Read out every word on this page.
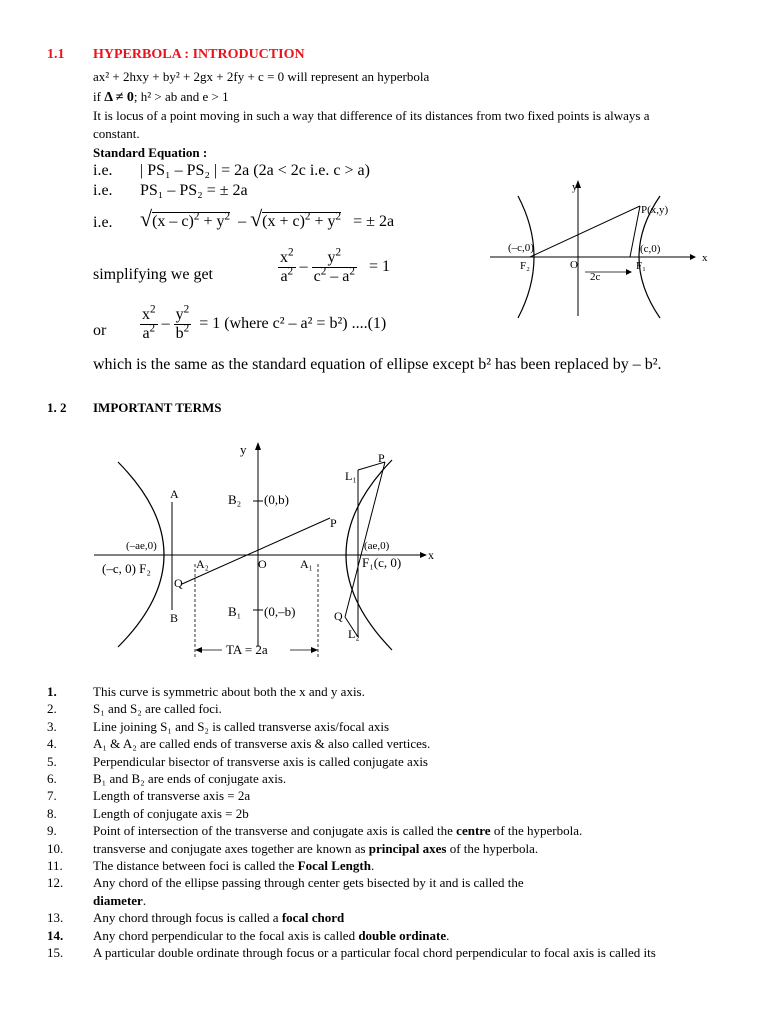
1.1 HYPERBOLA : INTRODUCTION
ax² + 2hxy + by² + 2gx + 2fy + c = 0 will represent an hyperbola
if Δ ≠ 0; h² > ab and e > 1
It is locus of a point moving in such a way that difference of its distances from two fixed points is always a
constant.
Standard Equation :
i.e. | PS₁ – PS₂ | = 2a (2a < 2c i.e. c > a)
i.e. PS₁ – PS₂ = ± 2a
i.e. $√(x - c)^2 + y^2 - √(x + c)^2 + y^2$ = ± 2a
simplifying we get	$\frac{x^2}{a^2} - \frac{y^2}{c^2 - a^2} = 1$
or $\frac{x^2}{a^2} - \frac{y^2}{b^2} = 1$ (where c² – a² = b²) ....(1)
which is the same as the standard equation of ellipse except b² has been replaced by – b².
y
x
P(x,y)
(c,0)
(–c,0)
F₂	F₁
O
2c
1. 2 IMPORTANT TERMS
y
x
A
B
Q
A₂	O	A₁
P
P
Q
L₁
L₂
B₂ (0,b)
B₁ (0,–b)
(–ae,0)	(ae,0)
(–c, 0) F₂	F₁(c, 0)
TA = 2a
1.	This curve is symmetric about both the x and y axis.
2.	S₁ and S₂ are called foci.
3.	Line joining S₁ and S₂ is called transverse axis/focal axis
4.	A₁ & A₂ are called ends of transverse axis & also called vertices.
5.	Perpendicular bisector of transverse axis is called conjugate axis
6.	B₁ and B₂ are ends of conjugate axis.
7.	Length of transverse axis = 2a
8.	Length of conjugate axis = 2b
9.	Point of intersection of the transverse and conjugate axis is called the centre of the hyperbola.
10. transverse and conjugate axes together are known as principal axes of the hyperbola.
11. The distance between foci is called the Focal Length.
12. Any chord of the ellipse passing through center gets bisected by it and is called the
diameter.
13. Any chord through focus is called a focal chord
14. Any chord perpendicular to the focal axis is called double ordinate.
15. A particular double ordinate through focus or a particular focal chord perpendicular to focal axis is called its
